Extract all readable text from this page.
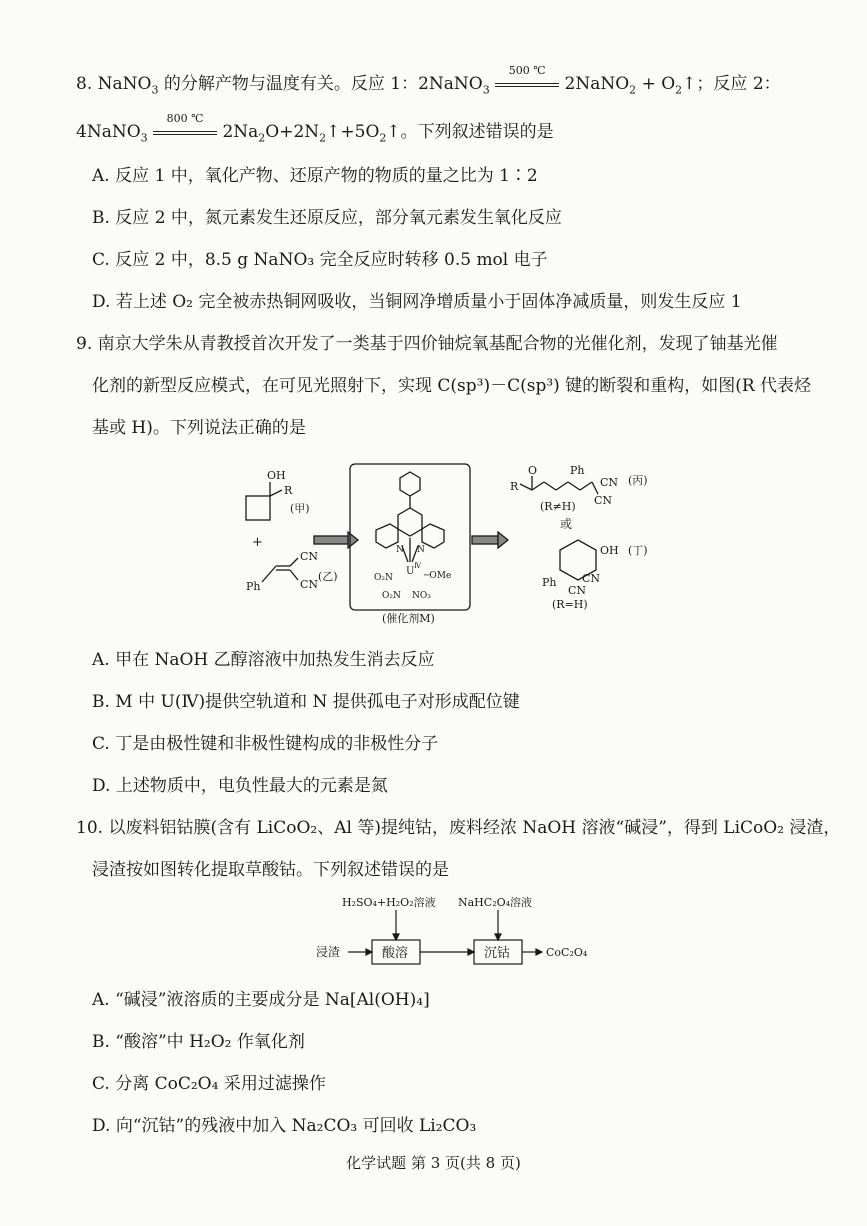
8. NaNO$_3$ 的分解产物与温度有关。反应 1：2NaNO$_3$
500 ℃
2NaNO$_2$ + $O_2↑$；反应 2：
4NaNO$_3$
800 ℃
$2Na_2O+2N_2↑+5O_2↑$。下列叙述错误的是
A. 反应 1 中，氧化产物、还原产物的物质的量之比为 1∶2
B. 反应 2 中，氮元素发生还原反应，部分氧元素发生氧化反应
C. 反应 2 中，8.5 g NaNO₃ 完全反应时转移 0.5 mol 电子
D. 若上述 O₂ 完全被赤热铜网吸收，当铜网净增质量小于固体净减质量，则发生反应 1
9. 南京大学朱从青教授首次开发了一类基于四价铀烷氧基配合物的光催化剂，发现了铀基光催
化剂的新型反应模式，在可见光照射下，实现 C(sp³)－C(sp³) 键的断裂和重构，如图(R 代表烃
基或 H)。下列说法正确的是
OH
R
(甲)
+
CN
CN
(乙)
Ph
U Ⅳ
N N
O₂N	─OMe
O₂N NO₃
(催化剂M)
O
R
Ph
CN
CN
(丙)
(R≠H)
或
OH (丁)
Ph CN
CN
(R=H)
A. 甲在 NaOH 乙醇溶液中加热发生消去反应
B. M 中 U(Ⅳ)提供空轨道和 N 提供孤电子对形成配位键
C. 丁是由极性键和非极性键构成的非极性分子
D. 上述物质中，电负性最大的元素是氮
10. 以废料铝钴膜(含有 LiCoO₂、Al 等)提纯钴，废料经浓 NaOH 溶液“碱浸”，得到 LiCoO₂ 浸渣，
浸渣按如图转化提取草酸钴。下列叙述错误的是
H₂SO₄+H₂O₂溶液 NaHC₂O₄溶液
浸渣	酸溶	沉钴	CoC₂O₄
A. “碱浸”液溶质的主要成分是 Na[Al(OH)₄]
B. “酸溶”中 H₂O₂ 作氧化剂
C. 分离 CoC₂O₄ 采用过滤操作
D. 向“沉钴”的残液中加入 Na₂CO₃ 可回收 Li₂CO₃
化学试题 第 3 页(共 8 页)
